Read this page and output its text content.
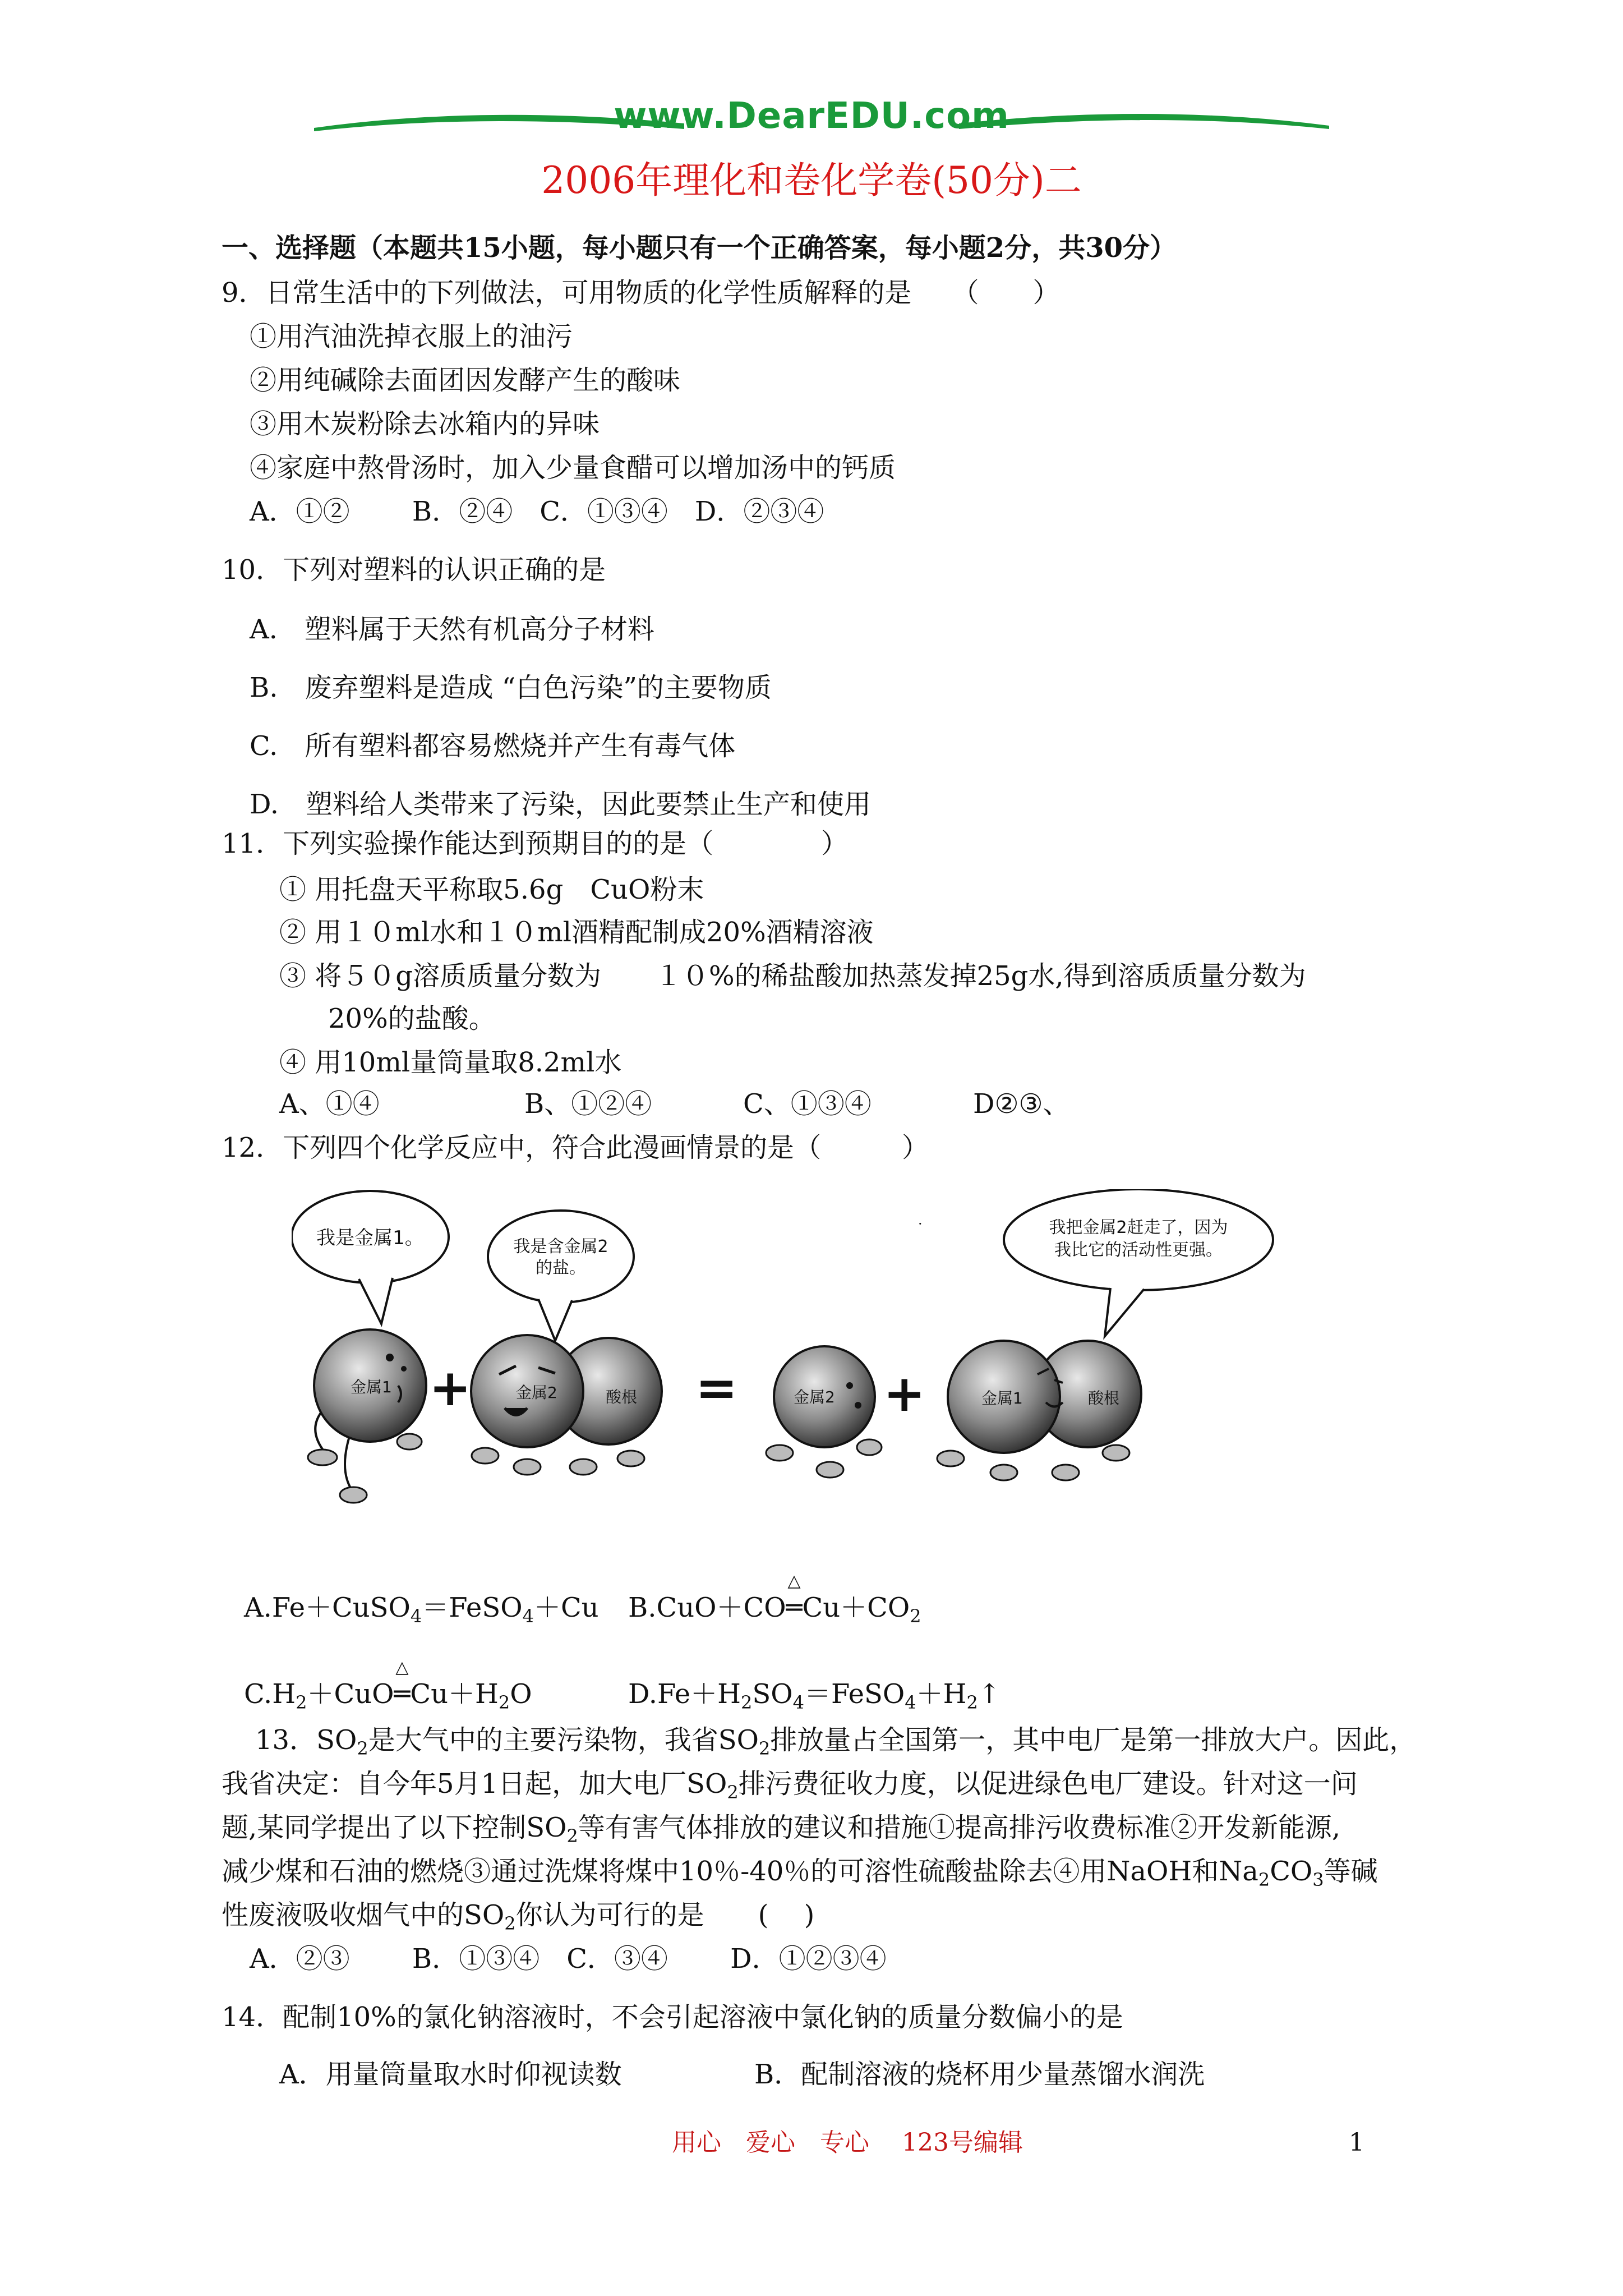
www.DearEDU.com
2006年理化和卷化学卷(50分)二
一、选择题（本题共15小题，每小题只有一个正确答案，每小题2分，共30分）
9．日常生活中的下列做法，可用物质的化学性质解释的是　　（　　）
①用汽油洗掉衣服上的油污
②用纯碱除去面团因发酵产生的酸味
③用木炭粉除去冰箱内的异味
④家庭中熬骨汤时，加入少量食醋可以增加汤中的钙质
A．①②　　 B．②④　C．①③④　D．②③④
10．下列对塑料的认识正确的是
A.　塑料属于天然有机高分子材料
B.　废弃塑料是造成 “白色污染”的主要物质
C.　所有塑料都容易燃烧并产生有毒气体
D.　塑料给人类带来了污染，因此要禁止生产和使用
11．下列实验操作能达到预期目的的是（　　　　）
① 用托盘天平称取5.6g　CuO粉末
② 用１０ml水和１０ml酒精配制成20%酒精溶液
③ 将５０g溶质质量分数为　　１０%的稀盐酸加热蒸发掉25g水,得到溶质质量分数为
20%的盐酸。
④ 用10ml量筒量取8.2ml水
A、①④	B、①②④	C、①③④	D②③、
12．下列四个化学反应中，符合此漫画情景的是（　　　）
我是金属1。	我是含金属2
的盐。
我把金属2赶走了，因为
我比它的活动性更强。
·
金属1 +	金属2	酸根 =	金属2 +	金属1	酸根
A.Fe＋CuSO$_4$＝FeSO$_4$＋Cu B.CuO＋CO
△
$═Cu+CO_2$
$C.H_2+CuO$
△
$═Cu+H_2O$	$D.Fe+H_2SO_4=FeSO_4+H_2↑$
13．$SO_2$是大气中的主要污染物，我省$SO_2$排放量占全国第一，其中电厂是第一排放大户。因此，
我省决定：自今年5月1日起，加大电厂$SO_2$排污费征收力度，以促进绿色电厂建设。针对这一问
题,某同学提出了以下控制$SO_2$等有害气体排放的建议和措施①提高排污收费标准②开发新能源,
减少煤和石油的燃烧③通过洗煤将煤中10％-40％的可溶性硫酸盐除去④用NaOH和$Na_2CO_3$等碱
性废液吸收烟气中的$SO_2$你认为可行的是　　(　 )
A．②③　　 B．①③④　C．③④　　 D．①②③④
14．配制10%的氯化钠溶液时，不会引起溶液中氯化钠的质量分数偏小的是
A．用量筒量取水时仰视读数	B．配制溶液的烧杯用少量蒸馏水润洗
用心　爱心　专心　 123号编辑	1
